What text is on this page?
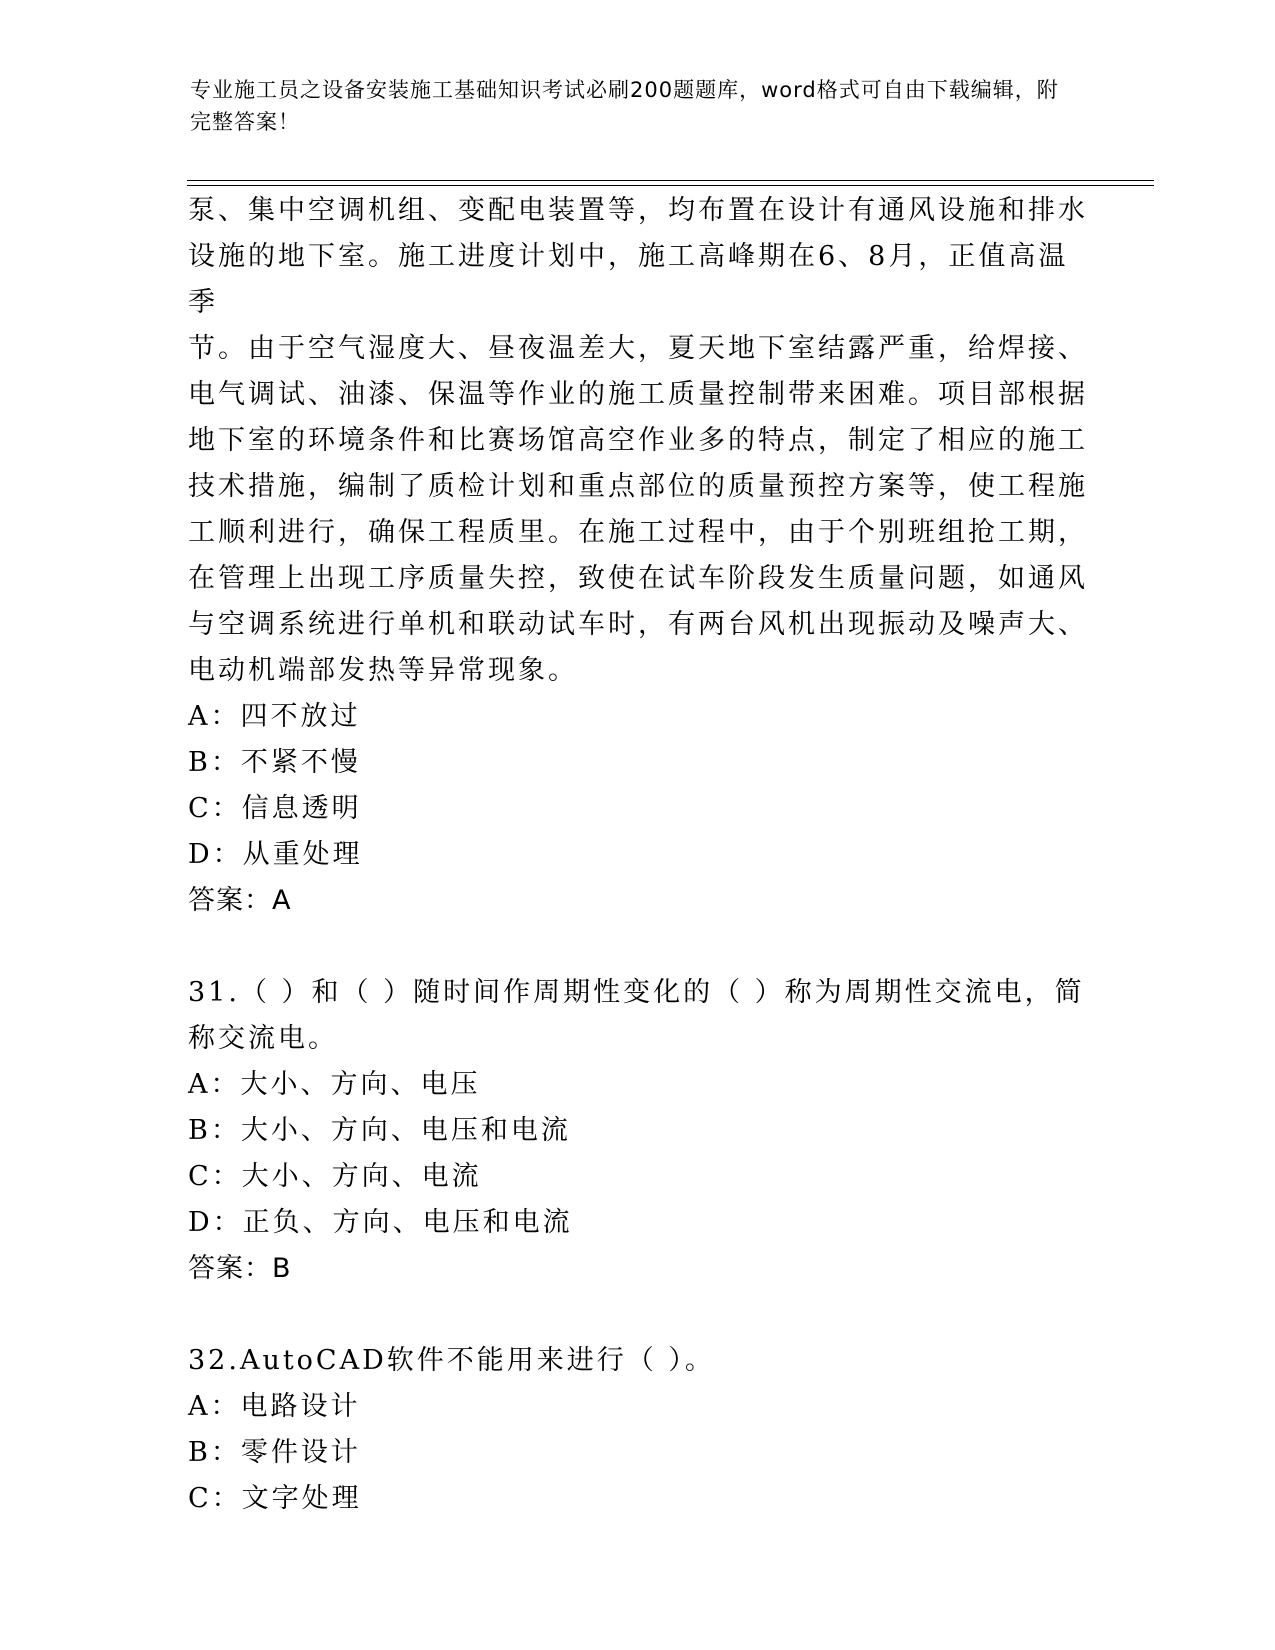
专业施工员之设备安装施工基础知识考试必刷200题题库，word格式可自由下载编辑，附完整答案！
泵、集中空调机组、变配电装置等，均布置在设计有通风设施和排水
设施的地下室。施工进度计划中，施工高峰期在6、8月，正值高温季
节。由于空气湿度大、昼夜温差大，夏天地下室结露严重，给焊接、
电气调试、油漆、保温等作业的施工质量控制带来困难。项目部根据
地下室的环境条件和比赛场馆高空作业多的特点，制定了相应的施工
技术措施，编制了质检计划和重点部位的质量预控方案等，使工程施
工顺利进行，确保工程质里。在施工过程中，由于个别班组抢工期，
在管理上出现工序质量失控，致使在试车阶段发生质量问题，如通风
与空调系统进行单机和联动试车时，有两台风机出现振动及噪声大、
电动机端部发热等异常现象。
A：四不放过
B：不紧不慢
C：信息透明
D：从重处理
答案：A
31.（ ）和（ ）随时间作周期性变化的（ ）称为周期性交流电，简
称交流电。
A：大小、方向、电压
B：大小、方向、电压和电流
C：大小、方向、电流
D：正负、方向、电压和电流
答案：B
32.AutoCAD软件不能用来进行（ ）。
A：电路设计
B：零件设计
C：文字处理
